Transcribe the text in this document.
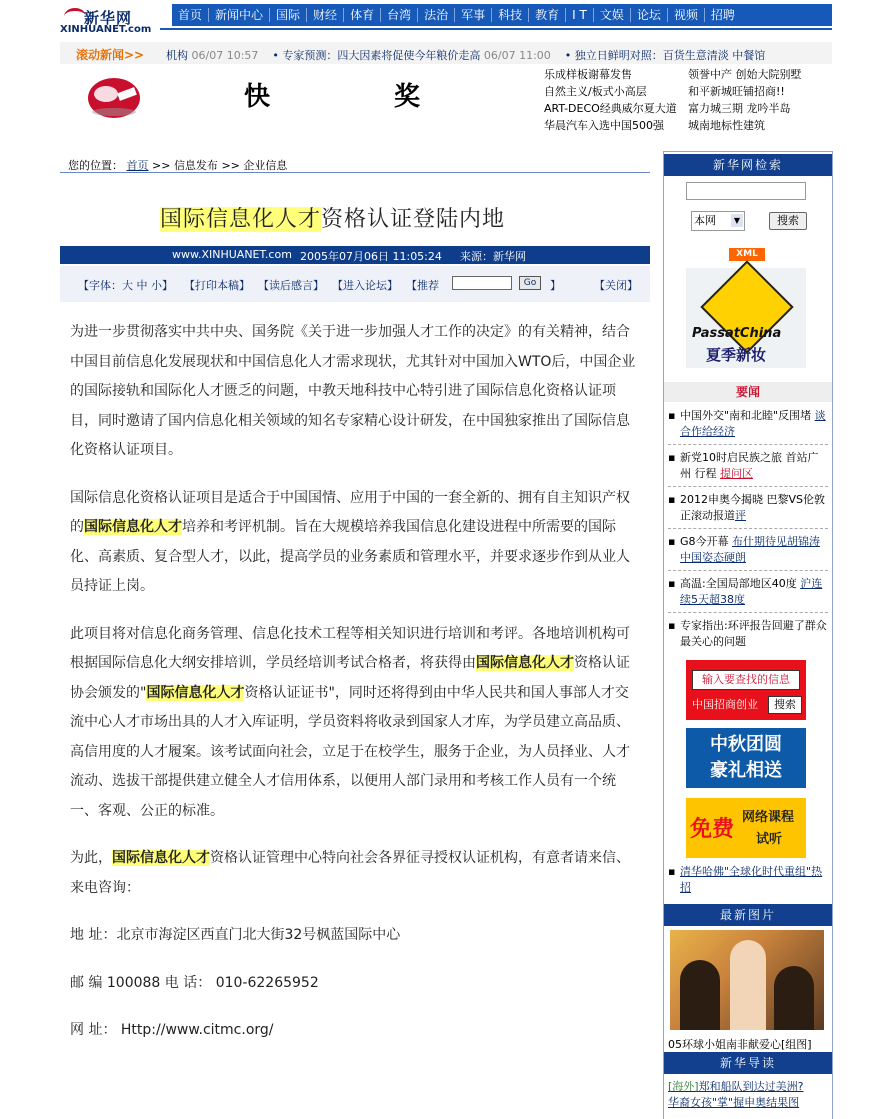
新华网
XINHUANET.com
首页	新闻中心	国际	财经	体育	台湾	法治	军事	科技	教育	I T	文娱	论坛	视频	招聘
滚动新闻>> 机构 06/07 10:57 • 专家预测：四大因素将促使今年粮价走高 06/07 11:00 • 独立日鲜明对照：百货生意清淡 中餐馆
快	奖
乐成样板谢幕发售	领誉中产 创始大院别墅
自然主义/板式小高层	和平新城旺铺招商!!
ART-DECO经典威尔夏大道 富力城三期 龙吟半岛
华晨汽车入选中国500强 城南地标性建筑
您的位置： 首页 >> 信息发布 >> 企业信息
国际信息化人才资格认证登陆内地
www.XINHUANET.com 2005年07月06日 11:05:24 来源：新华网
【字体：大 中 小】 【打印本稿】 【读后感言】 【进入论坛】 【推荐	Go	】	【关闭】

为进一步贯彻落实中共中央、国务院《关于进一步加强人才工作的决定》的有关精神，结合中国目前信息化发展现状和中国信息化人才需求现状，尤其针对中国加入WTO后，中国企业的国际接轨和国际化人才匮乏的问题，中教天地科技中心特引进了国际信息化资格认证项目，同时邀请了国内信息化相关领域的知名专家精心设计研发，在中国独家推出了国际信息化资格认证项目。

国际信息化资格认证项目是适合于中国国情、应用于中国的一套全新的、拥有自主知识产权的国际信息化人才培养和考评机制。旨在大规模培养我国信息化建设进程中所需要的国际化、高素质、复合型人才，以此，提高学员的业务素质和管理水平，并要求逐步作到从业人员持证上岗。

此项目将对信息化商务管理、信息化技术工程等相关知识进行培训和考评。各地培训机构可根据国际信息化大纲安排培训，学员经培训考试合格者，将获得由国际信息化人才资格认证协会颁发的"国际信息化人才资格认证证书"，同时还将得到由中华人民共和国人事部人才交流中心人才市场出具的人才入库证明，学员资料将收录到国家人才库，为学员建立高品质、高信用度的人才履案。该考试面向社会，立足于在校学生，服务于企业，为人员择业、人才流动、选拔干部提供建立健全人才信用体系，以便用人部门录用和考核工作人员有一个统一、客观、公正的标准。

为此，国际信息化人才资格认证管理中心特向社会各界征寻授权认证机构，有意者请来信、来电咨询：

地 址：北京市海淀区西直门北大街32号枫蓝国际中心

邮 编 100088 电 话： 010-62265952

网 址： Http://www.citmc.org/

新华网检索
本网	▼	搜索
XML
PassatChina
夏季新妆
要闻
▪ 中国外交"南和北睦"反围堵 谈合作给经济
▪ 新党10时启民族之旅 首站广州 行程 提问区
▪ 2012申奥今揭晓 巴黎VS伦敦 正滚动报道评
▪ G8今开幕 布什期待见胡锦涛 中国姿态硬朗
▪ 高温:全国局部地区40度 沪连续5天超38度
▪ 专家指出:环评报告回避了群众最关心的问题
输入要查找的信息
中国招商创业	搜索
中秋团圆
豪礼相送
免费 网络课程
试听
▪ 清华哈佛"全球化时代重组"热招
最新图片
05环球小姐南非献爱心[组图]
新华导读
[海外]郑和船队到达过美洲?
华裔女孩"掌"握申奥结果图
